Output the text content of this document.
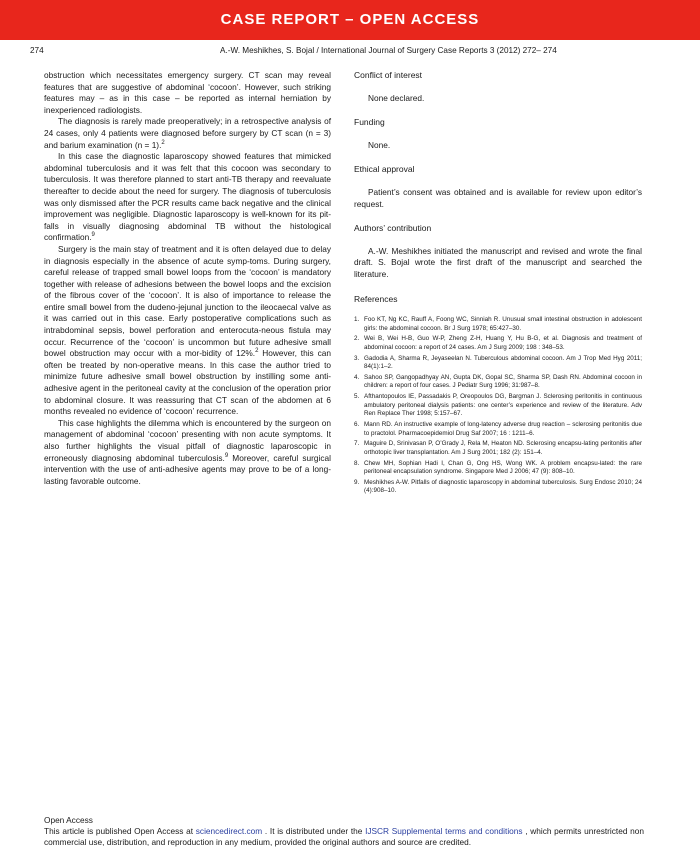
CASE REPORT – OPEN ACCESS
274	A.-W. Meshikhes, S. Bojal / International Journal of Surgery Case Reports 3 (2012) 272– 274

obstruction which necessitates emergency surgery. CT scan may reveal features that are suggestive of abdominal ‘cocoon’. However, such striking features may – as in this case – be reported as internal herniation by inexperienced radiologists.

The diagnosis is rarely made preoperatively; in a retrospective analysis of 24 cases, only 4 patients were diagnosed before surgery by CT scan (n = 3) and barium examination (n = 1).$^2$

In this case the diagnostic laparoscopy showed features that mimicked abdominal tuberculosis and it was felt that this cocoon was secondary to tuberculosis. It was therefore planned to start anti-TB therapy and reevaluate thereafter to decide about the need for surgery. The diagnosis of tuberculosis was only dismissed after the PCR results came back negative and the clinical improvement was negligible. Diagnostic laparoscopy is well-known for its pit-falls in visually diagnosing abdominal TB without the histological confirmation.$^9$

Surgery is the main stay of treatment and it is often delayed due to delay in diagnosis especially in the absence of acute symp-toms. During surgery, careful release of trapped small bowel loops from the ‘cocoon’ is mandatory together with release of adhesions between the bowel loops and the excision of the fibrous cover of the ‘cocoon’. It is also of importance to release the entire small bowel from the dudeno-jejunal junction to the ileocaecal valve as it was carried out in this case. Early postoperative complications such as intrabdominal sepsis, bowel perforation and enterocuta-neous fistula may occur. Recurrence of the ‘cocoon’ is uncommon but future adhesive small bowel obstruction may occur with a mor-bidity of 12%.$^2$ However, this can often be treated by non-operative means. In this case the author tried to minimize future adhesive small bowel obstruction by instilling some anti-adhesive agent in the peritoneal cavity at the conclusion of the operation prior to abdominal closure. It was reassuring that CT scan of the abdomen at 6 months revealed no evidence of ‘cocoon’ recurrence.

This case highlights the dilemma which is encountered by the surgeon on management of abdominal ‘cocoon’ presenting with non acute symptoms. It also further highlights the visual pitfall of diagnostic laparoscopic in erroneously diagnosing abdominal tuberculosis.$^9$ Moreover, careful surgical intervention with the use of anti-adhesive agents may prove to be of a long-lasting favorable outcome.

Conflict of interest

None declared.

Funding

None.

Ethical approval

Patient’s consent was obtained and is available for review upon editor’s request.

Authors’ contribution

A.-W. Meshikhes initiated the manuscript and revised and wrote the final draft. S. Bojal wrote the first draft of the manuscript and searched the literature.

References

1. Foo KT, Ng KC, Rauff A, Foong WC, Sinniah R. Unusual small intestinal obstruction in adolescent girls: the abdominal cocoon. Br J Surg 1978; 65:427–30.
2. Wei B, Wei H-B, Guo W-P, Zheng Z-H, Huang Y, Hu B-G, et al. Diagnosis and treatment of abdominal cocoon: a report of 24 cases. Am J Surg 2009; 198 : 348–53.
3. Gadodia A, Sharma R, Jeyaseelan N. Tuberculous abdominal cocoon. Am J Trop Med Hyg 2011; 84(1):1–2.
4. Sahoo SP, Gangopadhyay AN, Gupta DK, Gopal SC, Sharma SP, Dash RN. Abdominal cocoon in children: a report of four cases. J Pediatr Surg 1996; 31:987–8.
5. Afthantopoulos IE, Passadakis P, Oreopoulos DG, Bargman J. Sclerosing peritonitis in continuous ambulatory peritoneal dialysis patients: one center’s experience and review of the literature. Adv Ren Replace Ther 1998; 5:157–67.
6. Mann RD. An instructive example of long-latency adverse drug reaction – sclerosing peritonitis due to practolol. Pharmacoepidemiol Drug Saf 2007; 16 : 1211–6.
7. Maguire D, Srinivasan P, O’Grady J, Rela M, Heaton ND. Sclerosing encapsu-lating peritonitis after orthotopic liver transplantation. Am J Surg 2001; 182 (2): 151–4.
8. Chew MH, Sophian Hadi I, Chan G, Ong HS, Wong WK. A problem encapsu-lated: the rare peritoneal encapsulation syndrome. Singapore Med J 2006; 47 (9): 808–10.
9. Meshikhes A-W. Pitfalls of diagnostic laparoscopy in abdominal tuberculosis. Surg Endosc 2010; 24 (4):908–10.

Open Access

This article is published Open Access at sciencedirect.com . It is distributed under the IJSCR Supplemental terms and conditions , which permits unrestricted non commercial use, distribution, and reproduction in any medium, provided the original authors and source are credited.
